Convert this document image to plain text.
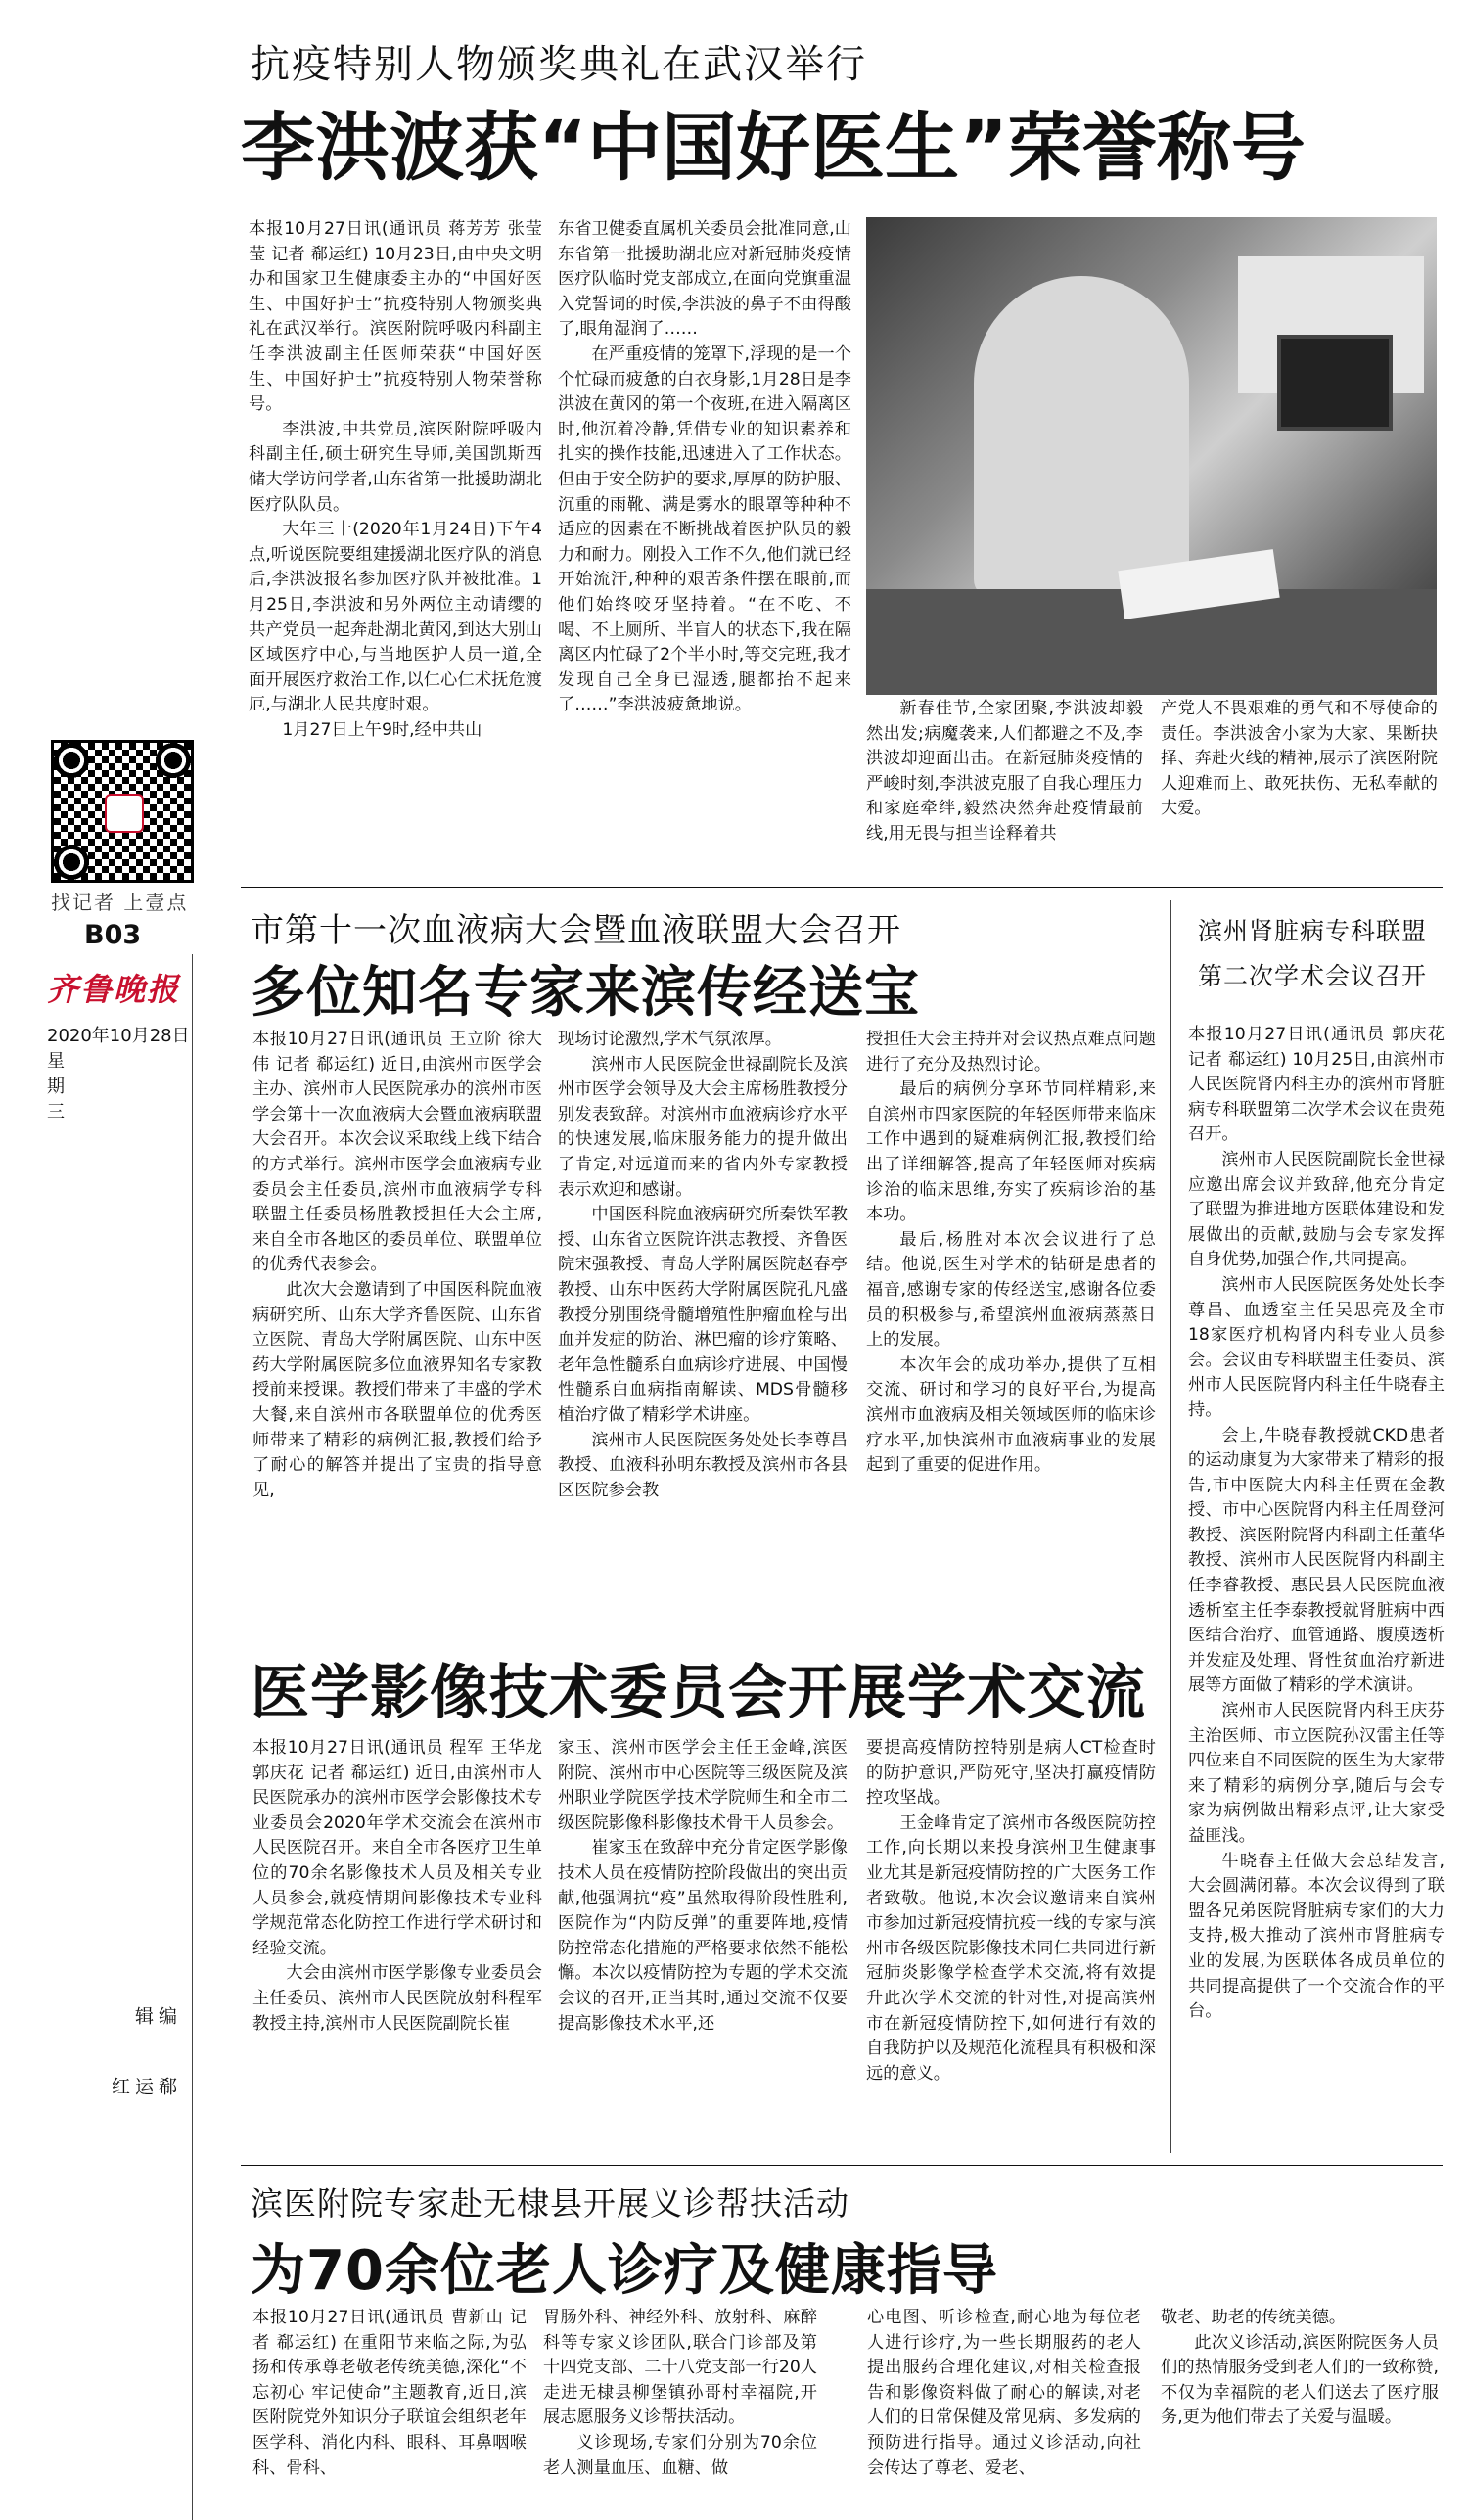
找记者 上壹点
B03
齐鲁晚报
2020年10月28日
星期三
编辑
郗运红
抗疫特别人物颁奖典礼在武汉举行
李洪波获“中国好医生”荣誉称号

本报10月27日讯(通讯员 蒋芳芳 张莹莹 记者 郗运红) 10月23日,由中央文明办和国家卫生健康委主办的“中国好医生、中国好护士”抗疫特别人物颁奖典礼在武汉举行。滨医附院呼吸内科副主任李洪波副主任医师荣获“中国好医生、中国好护士”抗疫特别人物荣誉称号。

李洪波,中共党员,滨医附院呼吸内科副主任,硕士研究生导师,美国凯斯西储大学访问学者,山东省第一批援助湖北医疗队队员。

大年三十(2020年1月24日)下午4点,听说医院要组建援湖北医疗队的消息后,李洪波报名参加医疗队并被批准。1月25日,李洪波和另外两位主动请缨的共产党员一起奔赴湖北黄冈,到达大别山区域医疗中心,与当地医护人员一道,全面开展医疗救治工作,以仁心仁术抚危渡厄,与湖北人民共度时艰。

1月27日上午9时,经中共山

东省卫健委直属机关委员会批准同意,山东省第一批援助湖北应对新冠肺炎疫情医疗队临时党支部成立,在面向党旗重温入党誓词的时候,李洪波的鼻子不由得酸了,眼角湿润了……

在严重疫情的笼罩下,浮现的是一个个忙碌而疲惫的白衣身影,1月28日是李洪波在黄冈的第一个夜班,在进入隔离区时,他沉着冷静,凭借专业的知识素养和扎实的操作技能,迅速进入了工作状态。但由于安全防护的要求,厚厚的防护服、沉重的雨靴、满是雾水的眼罩等种种不适应的因素在不断挑战着医护队员的毅力和耐力。刚投入工作不久,他们就已经开始流汗,种种的艰苦条件摆在眼前,而他们始终咬牙坚持着。“在不吃、不喝、不上厕所、半盲人的状态下,我在隔离区内忙碌了2个半小时,等交完班,我才发现自己全身已湿透,腿都抬不起来了……”李洪波疲惫地说。	新春佳节,全家团聚,李洪波却毅然出发;病魔袭来,人们都避之不及,李洪波却迎面出击。在新冠肺炎疫情的严峻时刻,李洪波克服了自我心理压力和家庭牵绊,毅然决然奔赴疫情最前线,用无畏与担当诠释着共

产党人不畏艰难的勇气和不辱使命的责任。李洪波舍小家为大家、果断抉择、奔赴火线的精神,展示了滨医附院人迎难而上、敢死扶伤、无私奉献的大爱。

市第十一次血液病大会暨血液联盟大会召开
多位知名专家来滨传经送宝

本报10月27日讯(通讯员 王立阶 徐大伟 记者 郗运红) 近日,由滨州市医学会主办、滨州市人民医院承办的滨州市医学会第十一次血液病大会暨血液病联盟大会召开。本次会议采取线上线下结合的方式举行。滨州市医学会血液病专业委员会主任委员,滨州市血液病学专科联盟主任委员杨胜教授担任大会主席,来自全市各地区的委员单位、联盟单位的优秀代表参会。

此次大会邀请到了中国医科院血液病研究所、山东大学齐鲁医院、山东省立医院、青岛大学附属医院、山东中医药大学附属医院多位血液界知名专家教授前来授课。教授们带来了丰盛的学术大餐,来自滨州市各联盟单位的优秀医师带来了精彩的病例汇报,教授们给予了耐心的解答并提出了宝贵的指导意见,

现场讨论激烈,学术气氛浓厚。

滨州市人民医院金世禄副院长及滨州市医学会领导及大会主席杨胜教授分别发表致辞。对滨州市血液病诊疗水平的快速发展,临床服务能力的提升做出了肯定,对远道而来的省内外专家教授表示欢迎和感谢。

中国医科院血液病研究所秦铁军教授、山东省立医院许洪志教授、齐鲁医院宋强教授、青岛大学附属医院赵春亭教授、山东中医药大学附属医院孔凡盛教授分别围绕骨髓增殖性肿瘤血栓与出血并发症的防治、淋巴瘤的诊疗策略、老年急性髓系白血病诊疗进展、中国慢性髓系白血病指南解读、MDS骨髓移植治疗做了精彩学术讲座。

滨州市人民医院医务处处长李尊昌教授、血液科孙明东教授及滨州市各县区医院参会教

授担任大会主持并对会议热点难点问题进行了充分及热烈讨论。

最后的病例分享环节同样精彩,来自滨州市四家医院的年轻医师带来临床工作中遇到的疑难病例汇报,教授们给出了详细解答,提高了年轻医师对疾病诊治的临床思维,夯实了疾病诊治的基本功。

最后,杨胜对本次会议进行了总结。他说,医生对学术的钻研是患者的福音,感谢专家的传经送宝,感谢各位委员的积极参与,希望滨州血液病蒸蒸日上的发展。

本次年会的成功举办,提供了互相交流、研讨和学习的良好平台,为提高滨州市血液病及相关领域医师的临床诊疗水平,加快滨州市血液病事业的发展起到了重要的促进作用。

滨州肾脏病专科联盟
第二次学术会议召开

本报10月27日讯(通讯员 郭庆花 记者 郗运红) 10月25日,由滨州市人民医院肾内科主办的滨州市肾脏病专科联盟第二次学术会议在贵苑召开。

滨州市人民医院副院长金世禄应邀出席会议并致辞,他充分肯定了联盟为推进地方医联体建设和发展做出的贡献,鼓励与会专家发挥自身优势,加强合作,共同提高。

滨州市人民医院医务处处长李尊昌、血透室主任吴思亮及全市18家医疗机构肾内科专业人员参会。会议由专科联盟主任委员、滨州市人民医院肾内科主任牛晓春主持。

会上,牛晓春教授就CKD患者的运动康复为大家带来了精彩的报告,市中医院大内科主任贾在金教授、市中心医院肾内科主任周登河教授、滨医附院肾内科副主任董华教授、滨州市人民医院肾内科副主任李睿教授、惠民县人民医院血液透析室主任李泰教授就肾脏病中西医结合治疗、血管通路、腹膜透析并发症及处理、肾性贫血治疗新进展等方面做了精彩的学术演讲。

滨州市人民医院肾内科王庆芬主治医师、市立医院孙汉雷主任等四位来自不同医院的医生为大家带来了精彩的病例分享,随后与会专家为病例做出精彩点评,让大家受益匪浅。

牛晓春主任做大会总结发言,大会圆满闭幕。本次会议得到了联盟各兄弟医院肾脏病专家们的大力支持,极大推动了滨州市肾脏病专业的发展,为医联体各成员单位的共同提高提供了一个交流合作的平台。

医学影像技术委员会开展学术交流

本报10月27日讯(通讯员 程军 王华龙 郭庆花 记者 郗运红) 近日,由滨州市人民医院承办的滨州市医学会影像技术专业委员会2020年学术交流会在滨州市人民医院召开。来自全市各医疗卫生单位的70余名影像技术人员及相关专业人员参会,就疫情期间影像技术专业科学规范常态化防控工作进行学术研讨和经验交流。

大会由滨州市医学影像专业委员会主任委员、滨州市人民医院放射科程军教授主持,滨州市人民医院副院长崔

家玉、滨州市医学会主任王金峰,滨医附院、滨州市中心医院等三级医院及滨州职业学院医学技术学院师生和全市二级医院影像科影像技术骨干人员参会。

崔家玉在致辞中充分肯定医学影像技术人员在疫情防控阶段做出的突出贡献,他强调抗“疫”虽然取得阶段性胜利,医院作为“内防反弹”的重要阵地,疫情防控常态化措施的严格要求依然不能松懈。本次以疫情防控为专题的学术交流会议的召开,正当其时,通过交流不仅要提高影像技术水平,还

要提高疫情防控特别是病人CT检查时的防护意识,严防死守,坚决打赢疫情防控攻坚战。

王金峰肯定了滨州市各级医院防控工作,向长期以来投身滨州卫生健康事业尤其是新冠疫情防控的广大医务工作者致敬。他说,本次会议邀请来自滨州市参加过新冠疫情抗疫一线的专家与滨州市各级医院影像技术同仁共同进行新冠肺炎影像学检查学术交流,将有效提升此次学术交流的针对性,对提高滨州市在新冠疫情防控下,如何进行有效的自我防护以及规范化流程具有积极和深远的意义。

滨医附院专家赴无棣县开展义诊帮扶活动
为70余位老人诊疗及健康指导

本报10月27日讯(通讯员 曹新山 记者 郗运红) 在重阳节来临之际,为弘扬和传承尊老敬老传统美德,深化“不忘初心 牢记使命”主题教育,近日,滨医附院党外知识分子联谊会组织老年医学科、消化内科、眼科、耳鼻咽喉科、骨科、

胃肠外科、神经外科、放射科、麻醉科等专家义诊团队,联合门诊部及第十四党支部、二十八党支部一行20人走进无棣县柳堡镇孙哥村幸福院,开展志愿服务义诊帮扶活动。

义诊现场,专家们分别为70余位老人测量血压、血糖、做

心电图、听诊检查,耐心地为每位老人进行诊疗,为一些长期服药的老人提出服药合理化建议,对相关检查报告和影像资料做了耐心的解读,对老人们的日常保健及常见病、多发病的预防进行指导。通过义诊活动,向社会传达了尊老、爱老、

敬老、助老的传统美德。

此次义诊活动,滨医附院医务人员们的热情服务受到老人们的一致称赞,不仅为幸福院的老人们送去了医疗服务,更为他们带去了关爱与温暖。
